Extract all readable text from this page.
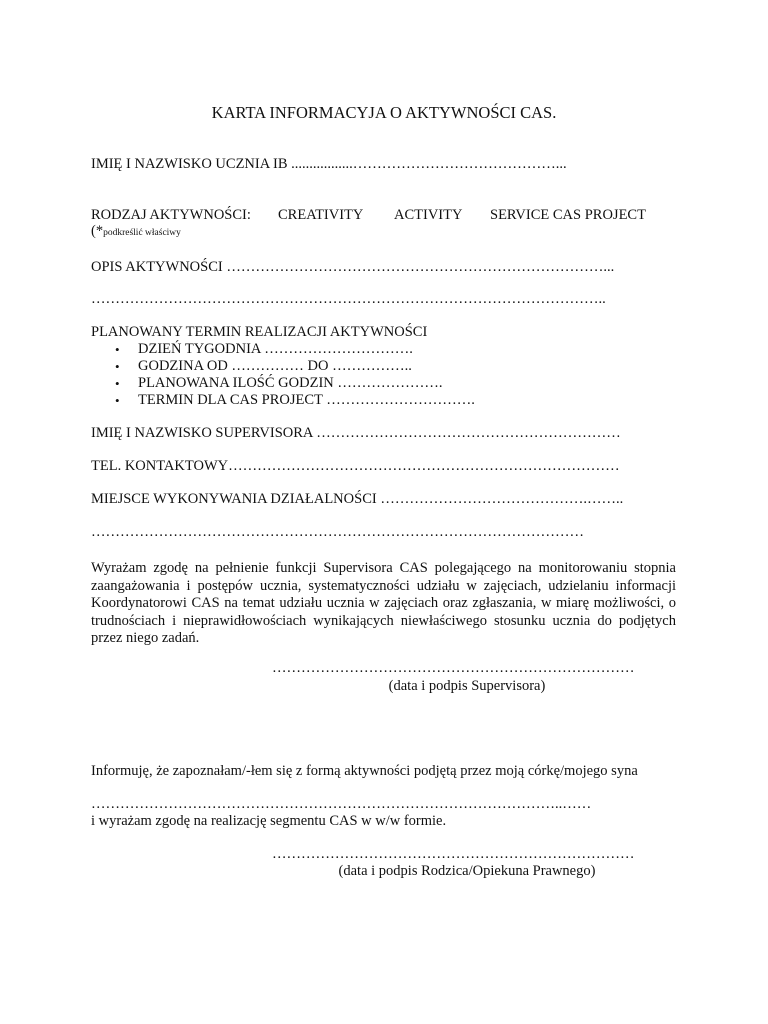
KARTA INFORMACYJA O AKTYWNOŚCI CAS.
IMIĘ I NAZWISKO UCZNIA IB .................……………………………………...
RODZAJ AKTYWNOŚCI: CREATIVITY ACTIVITY SERVICE CAS PROJECT
(*podkreślić właściwy
OPIS AKTYWNOŚCI ……………………………………………………………………...
……………………………………………………………………………………………..
PLANOWANY TERMIN REALIZACJI AKTYWNOŚCI
•	DZIEŃ TYGODNIA ………………………….
•	GODZINA OD …………… DO ……………..
•	PLANOWANA ILOŚĆ GODZIN ………………….
•	TERMIN DLA CAS PROJECT ………………………….
IMIĘ I NAZWISKO SUPERVISORA ………………………………………………………
TEL. KONTAKTOWY………………………………………………………………………
MIEJSCE WYKONYWANIA DZIAŁALNOŚCI …………………………………….……..
…………………………………………………………………………………………
Wyrażam zgodę na pełnienie funkcji Supervisora CAS polegającego na monitorowaniu stopnia zaangażowania i postępów ucznia, systematyczności udziału w zajęciach, udzielaniu informacji Koordynatorowi CAS na temat udziału ucznia w zajęciach oraz zgłaszania, w miarę możliwości, o trudnościach i nieprawidłowościach wynikających niewłaściwego stosunku ucznia do podjętych przez niego zadań.
…………………………………………………………………
(data i podpis Supervisora)
Informuję, że zapoznałam/-łem się z formą aktywności podjętą przez moją córkę/mojego syna
……………………………………………………………………………………..……
i wyrażam zgodę na realizację segmentu CAS w w/w formie.
…………………………………………………………………
(data i podpis Rodzica/Opiekuna Prawnego)
